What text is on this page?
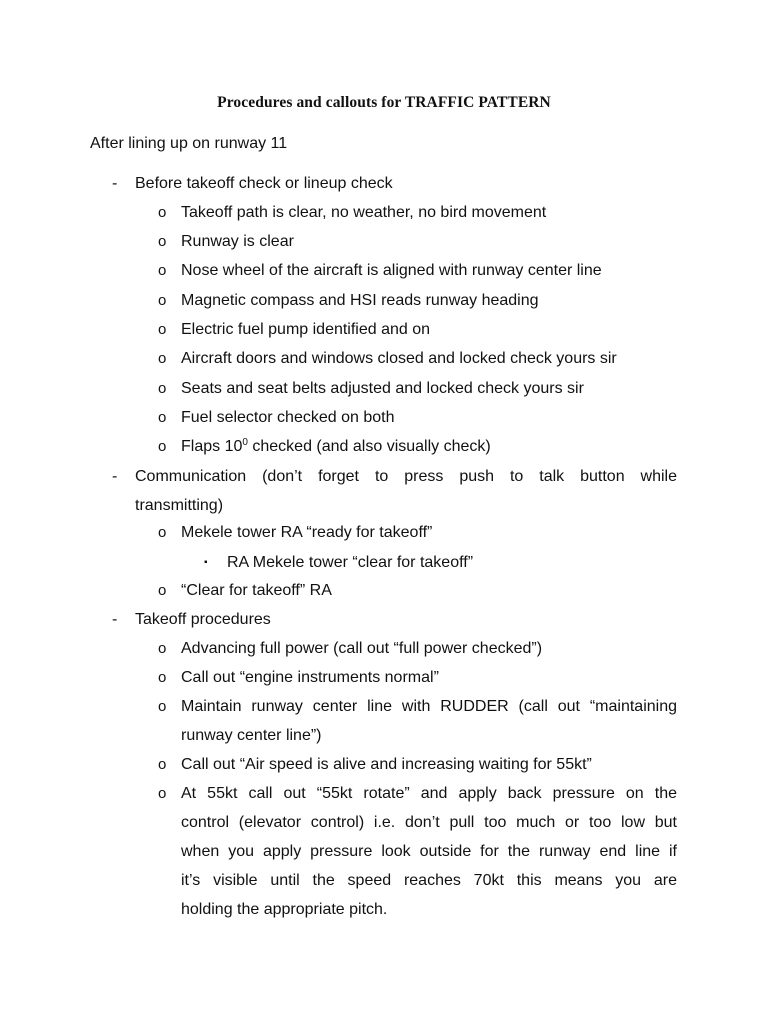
Procedures and callouts for TRAFFIC PATTERN
After lining up on runway 11
- Before takeoff check or lineup check
o Takeoff path is clear, no weather, no bird movement
o Runway is clear
o Nose wheel of the aircraft is aligned with runway center line
o Magnetic compass and HSI reads runway heading
o Electric fuel pump identified and on
o Aircraft doors and windows closed and locked check yours sir
o Seats and seat belts adjusted and locked check yours sir
o Fuel selector checked on both
o Flaps $10^0$ checked (and also visually check)
- Communication (don’t forget to press push to talk button while
transmitting)
o Mekele tower RA “ready for takeoff”
▪ RA Mekele tower “clear for takeoff”
o “Clear for takeoff” RA
- Takeoff procedures
o Advancing full power (call out “full power checked”)
o Call out “engine instruments normal”
o Maintain runway center line with RUDDER (call out “maintaining
runway center line”)
o Call out “Air speed is alive and increasing waiting for 55kt”
o At 55kt call out “55kt rotate” and apply back pressure on the
control (elevator control) i.e. don’t pull too much or too low but
when you apply pressure look outside for the runway end line if
it’s visible until the speed reaches 70kt this means you are
holding the appropriate pitch.
